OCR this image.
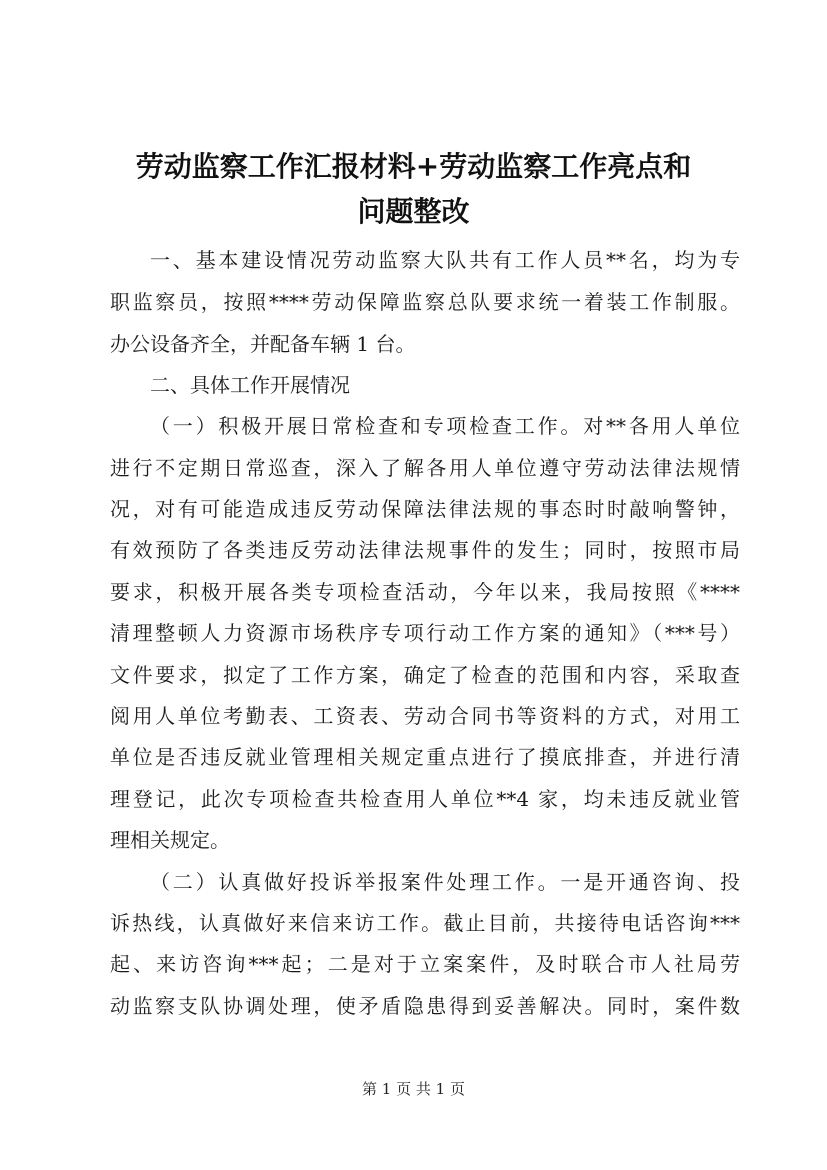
劳动监察工作汇报材料+劳动监察工作亮点和
问题整改
一、基本建设情况劳动监察大队共有工作人员**名，均为专
职监察员，按照****劳动保障监察总队要求统一着装工作制服。
办公设备齐全，并配备车辆 1 台。
二、具体工作开展情况
（一）积极开展日常检查和专项检查工作。对**各用人单位
进行不定期日常巡查，深入了解各用人单位遵守劳动法律法规情
况，对有可能造成违反劳动保障法律法规的事态时时敲响警钟，
有效预防了各类违反劳动法律法规事件的发生；同时，按照市局
要求，积极开展各类专项检查活动，今年以来，我局按照《****
清理整顿人力资源市场秩序专项行动工作方案的通知》（***号）
文件要求，拟定了工作方案，确定了检查的范围和内容，采取查
阅用人单位考勤表、工资表、劳动合同书等资料的方式，对用工
单位是否违反就业管理相关规定重点进行了摸底排查，并进行清
理登记，此次专项检查共检查用人单位**4 家，均未违反就业管
理相关规定。
（二）认真做好投诉举报案件处理工作。一是开通咨询、投
诉热线，认真做好来信来访工作。截止目前，共接待电话咨询***
起、来访咨询***起；二是对于立案案件，及时联合市人社局劳
动监察支队协调处理，使矛盾隐患得到妥善解决。同时，案件数
第 1 页 共 1 页
